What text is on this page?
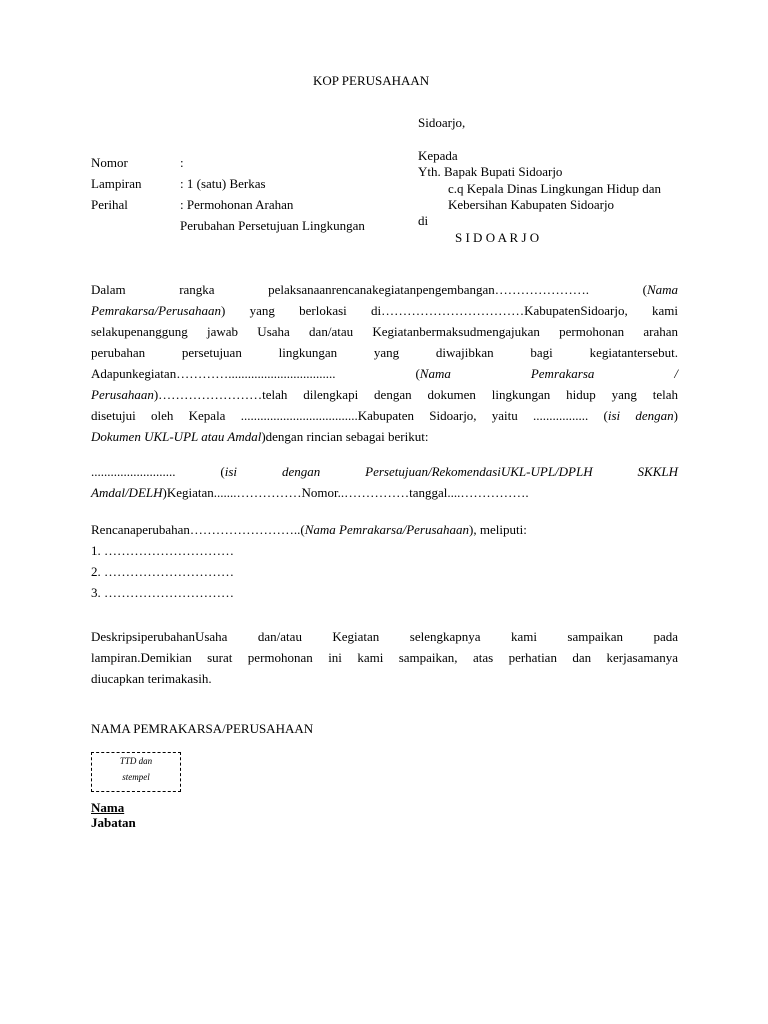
KOP PERUSAHAAN
Sidoarjo,
Nomor	:
Lampiran	: 1 (satu) Berkas
Perihal	: Permohonan Arahan
Perubahan Persetujuan Lingkungan
Kepada
Yth. Bapak Bupati Sidoarjo
c.q Kepala Dinas Lingkungan Hidup dan
Kebersihan Kabupaten Sidoarjo
di
S I D O A R J O
Dalam rangka pelaksanaanrencanakegiatanpengembangan…………………. (Nama
Pemrakarsa/Perusahaan) yang berlokasi di……………………………KabupatenSidoarjo, kami
selakupenanggung jawab Usaha dan/atau Kegiatanbermaksudmengajukan permohonan arahan
perubahan persetujuan lingkungan yang diwajibkan bagi kegiatantersebut.
Adapunkegiatan…………................................. (Nama Pemrakarsa /
Perusahaan)……………………telah dilengkapi dengan dokumen lingkungan hidup yang telah
disetujui oleh Kepala ....................................Kabupaten Sidoarjo, yaitu ................. (isi dengan)
Dokumen UKL-UPL atau Amdal)dengan rincian sebagai berikut:
.......................... (isi dengan Persetujuan/RekomendasiUKL-UPL/DPLH SKKLH
Amdal/DELH)Kegiatan.......……………Nomor..……………tanggal....…………….
Rencanaperubahan……………………..(Nama Pemrakarsa/Perusahaan), meliputi:
1. …………………………
2. …………………………
3. …………………………
DeskripsiperubahanUsaha dan/atau Kegiatan selengkapnya kami sampaikan pada
lampiran.Demikian surat permohonan ini kami sampaikan, atas perhatian dan kerjasamanya
diucapkan terimakasih.
NAMA PEMRAKARSA/PERUSAHAAN
TTD dan
stempel
Nama
Jabatan
